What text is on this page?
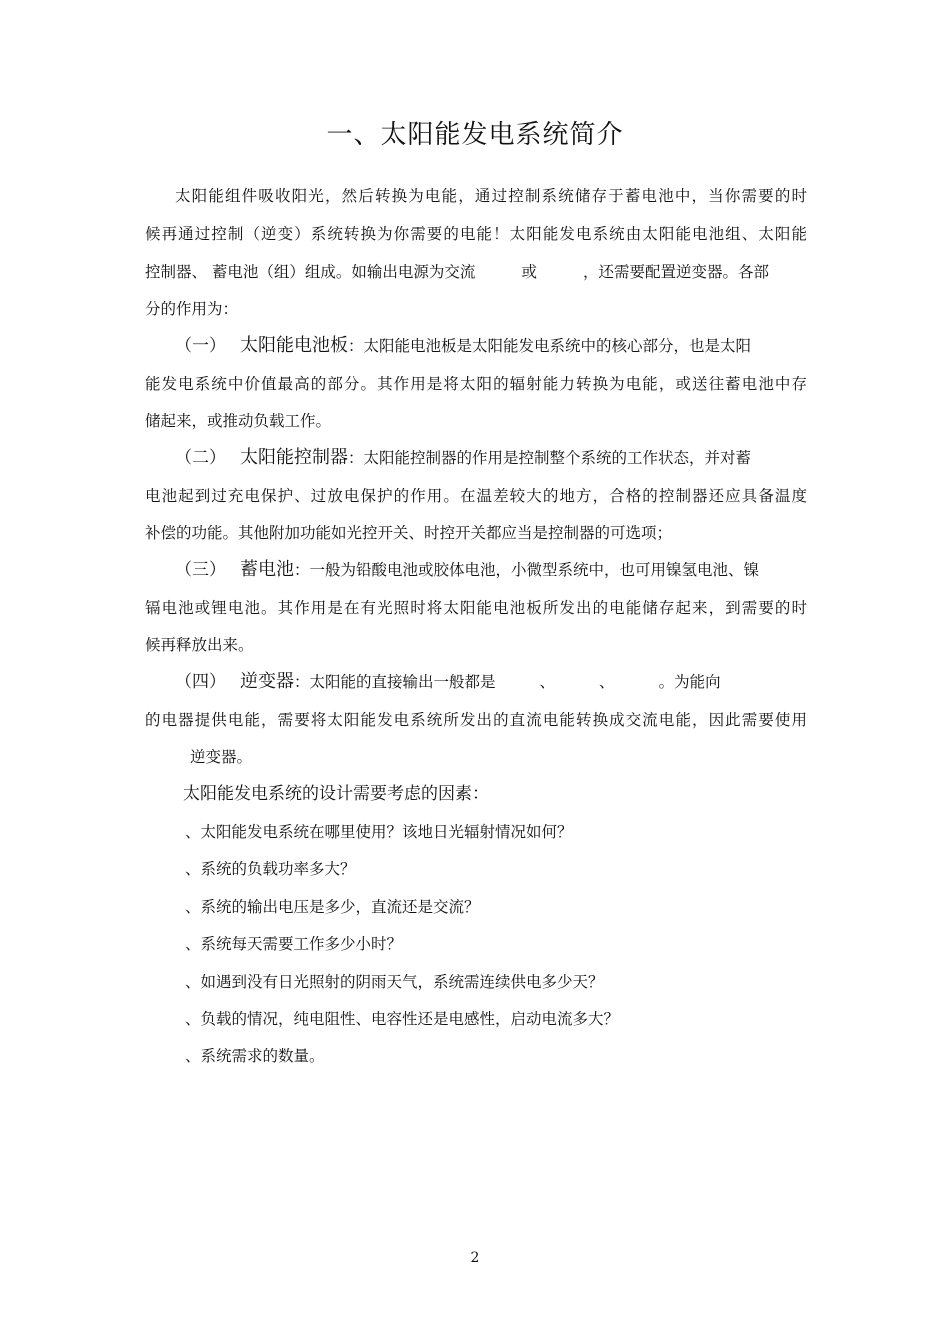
一、太阳能发电系统简介
太阳能组件吸收阳光，然后转换为电能，通过控制系统储存于蓄电池中，当你需要的时
候再通过控制（逆变）系统转换为你需要的电能！太阳能发电系统由太阳能电池组、太阳能
控制器、 蓄电池（组）组成。如输出电源为交流	或	，还需要配置逆变器。各部
分的作用为：
（一） 太阳能电池板：太阳能电池板是太阳能发电系统中的核心部分，也是太阳
能发电系统中价值最高的部分。其作用是将太阳的辐射能力转换为电能，或送往蓄电池中存
储起来，或推动负载工作。
（二） 太阳能控制器：太阳能控制器的作用是控制整个系统的工作状态，并对蓄
电池起到过充电保护、过放电保护的作用。在温差较大的地方，合格的控制器还应具备温度
补偿的功能。其他附加功能如光控开关、时控开关都应当是控制器的可选项；
（三） 蓄电池：一般为铅酸电池或胶体电池，小微型系统中，也可用镍氢电池、镍
镉电池或锂电池。其作用是在有光照时将太阳能电池板所发出的电能储存起来，到需要的时
候再释放出来。
（四） 逆变器：太阳能的直接输出一般都是	、	、	。为能向
的电器提供电能，需要将太阳能发电系统所发出的直流电能转换成交流电能，因此需要使用
逆变器。
太阳能发电系统的设计需要考虑的因素：
、太阳能发电系统在哪里使用？该地日光辐射情况如何？
、系统的负载功率多大？
、系统的输出电压是多少，直流还是交流？
、系统每天需要工作多少小时？
、如遇到没有日光照射的阴雨天气，系统需连续供电多少天？
、负载的情况，纯电阻性、电容性还是电感性，启动电流多大？
、系统需求的数量。
2
